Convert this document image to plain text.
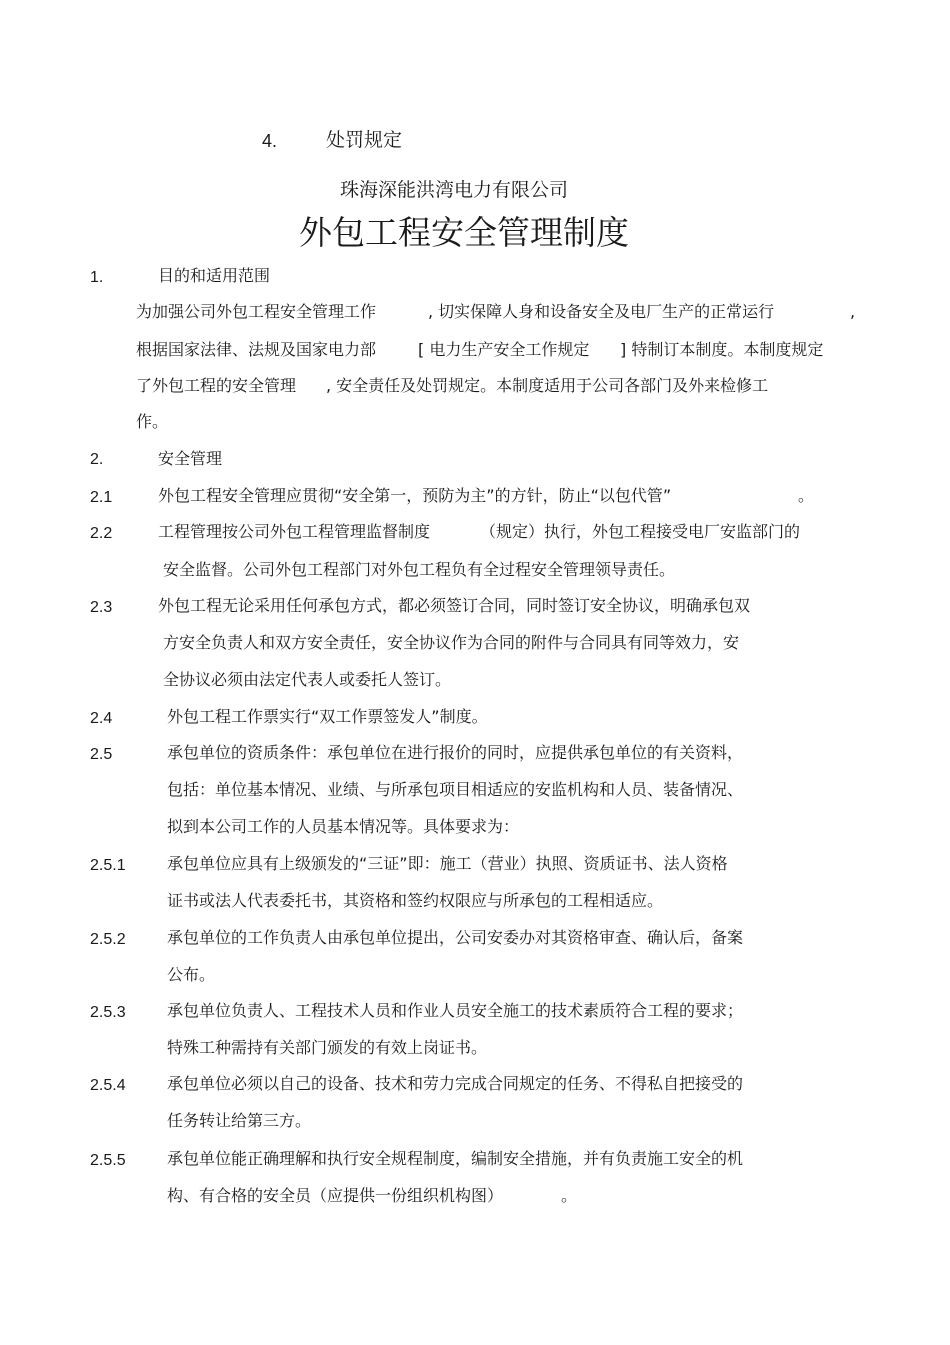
4.	处罚规定
珠海深能洪湾电力有限公司
外包工程安全管理制度
1.	目的和适用范围
为加强公司外包工程安全管理工作	, 切实保障人身和设备安全及电厂生产的正常运行	,
根据国家法律、法规及国家电力部	[ 电力生产安全工作规定 ] 特制订本制度。本制度规定
了外包工程的安全管理 , 安全责任及处罚规定。本制度适用于公司各部门及外来检修工
作。
2.	安全管理
2.1	外包工程安全管理应贯彻“安全第一，预防为主”的方针，防止“以包代管”	。
2.2	工程管理按公司外包工程管理监督制度	（规定）执行，外包工程接受电厂安监部门的
安全监督。公司外包工程部门对外包工程负有全过程安全管理领导责任。
2.3	外包工程无论采用任何承包方式，都必须签订合同，同时签订安全协议，明确承包双
方安全负责人和双方安全责任，安全协议作为合同的附件与合同具有同等效力，安
全协议必须由法定代表人或委托人签订。
2.4	外包工程工作票实行“双工作票签发人”制度。
2.5	承包单位的资质条件：承包单位在进行报价的同时，应提供承包单位的有关资料，
包括：单位基本情况、业绩、与所承包项目相适应的安监机构和人员、装备情况、
拟到本公司工作的人员基本情况等。具体要求为：
2.5.1	承包单位应具有上级颁发的“三证”即：施工（营业）执照、资质证书、法人资格
证书或法人代表委托书，其资格和签约权限应与所承包的工程相适应。
2.5.2	承包单位的工作负责人由承包单位提出，公司安委办对其资格审查、确认后，备案
公布。
2.5.3	承包单位负责人、工程技术人员和作业人员安全施工的技术素质符合工程的要求；
特殊工种需持有关部门颁发的有效上岗证书。
2.5.4	承包单位必须以自己的设备、技术和劳力完成合同规定的任务、不得私自把接受的
任务转让给第三方。
2.5.5	承包单位能正确理解和执行安全规程制度，编制安全措施，并有负责施工安全的机
构、有合格的安全员（应提供一份组织机构图）	。
